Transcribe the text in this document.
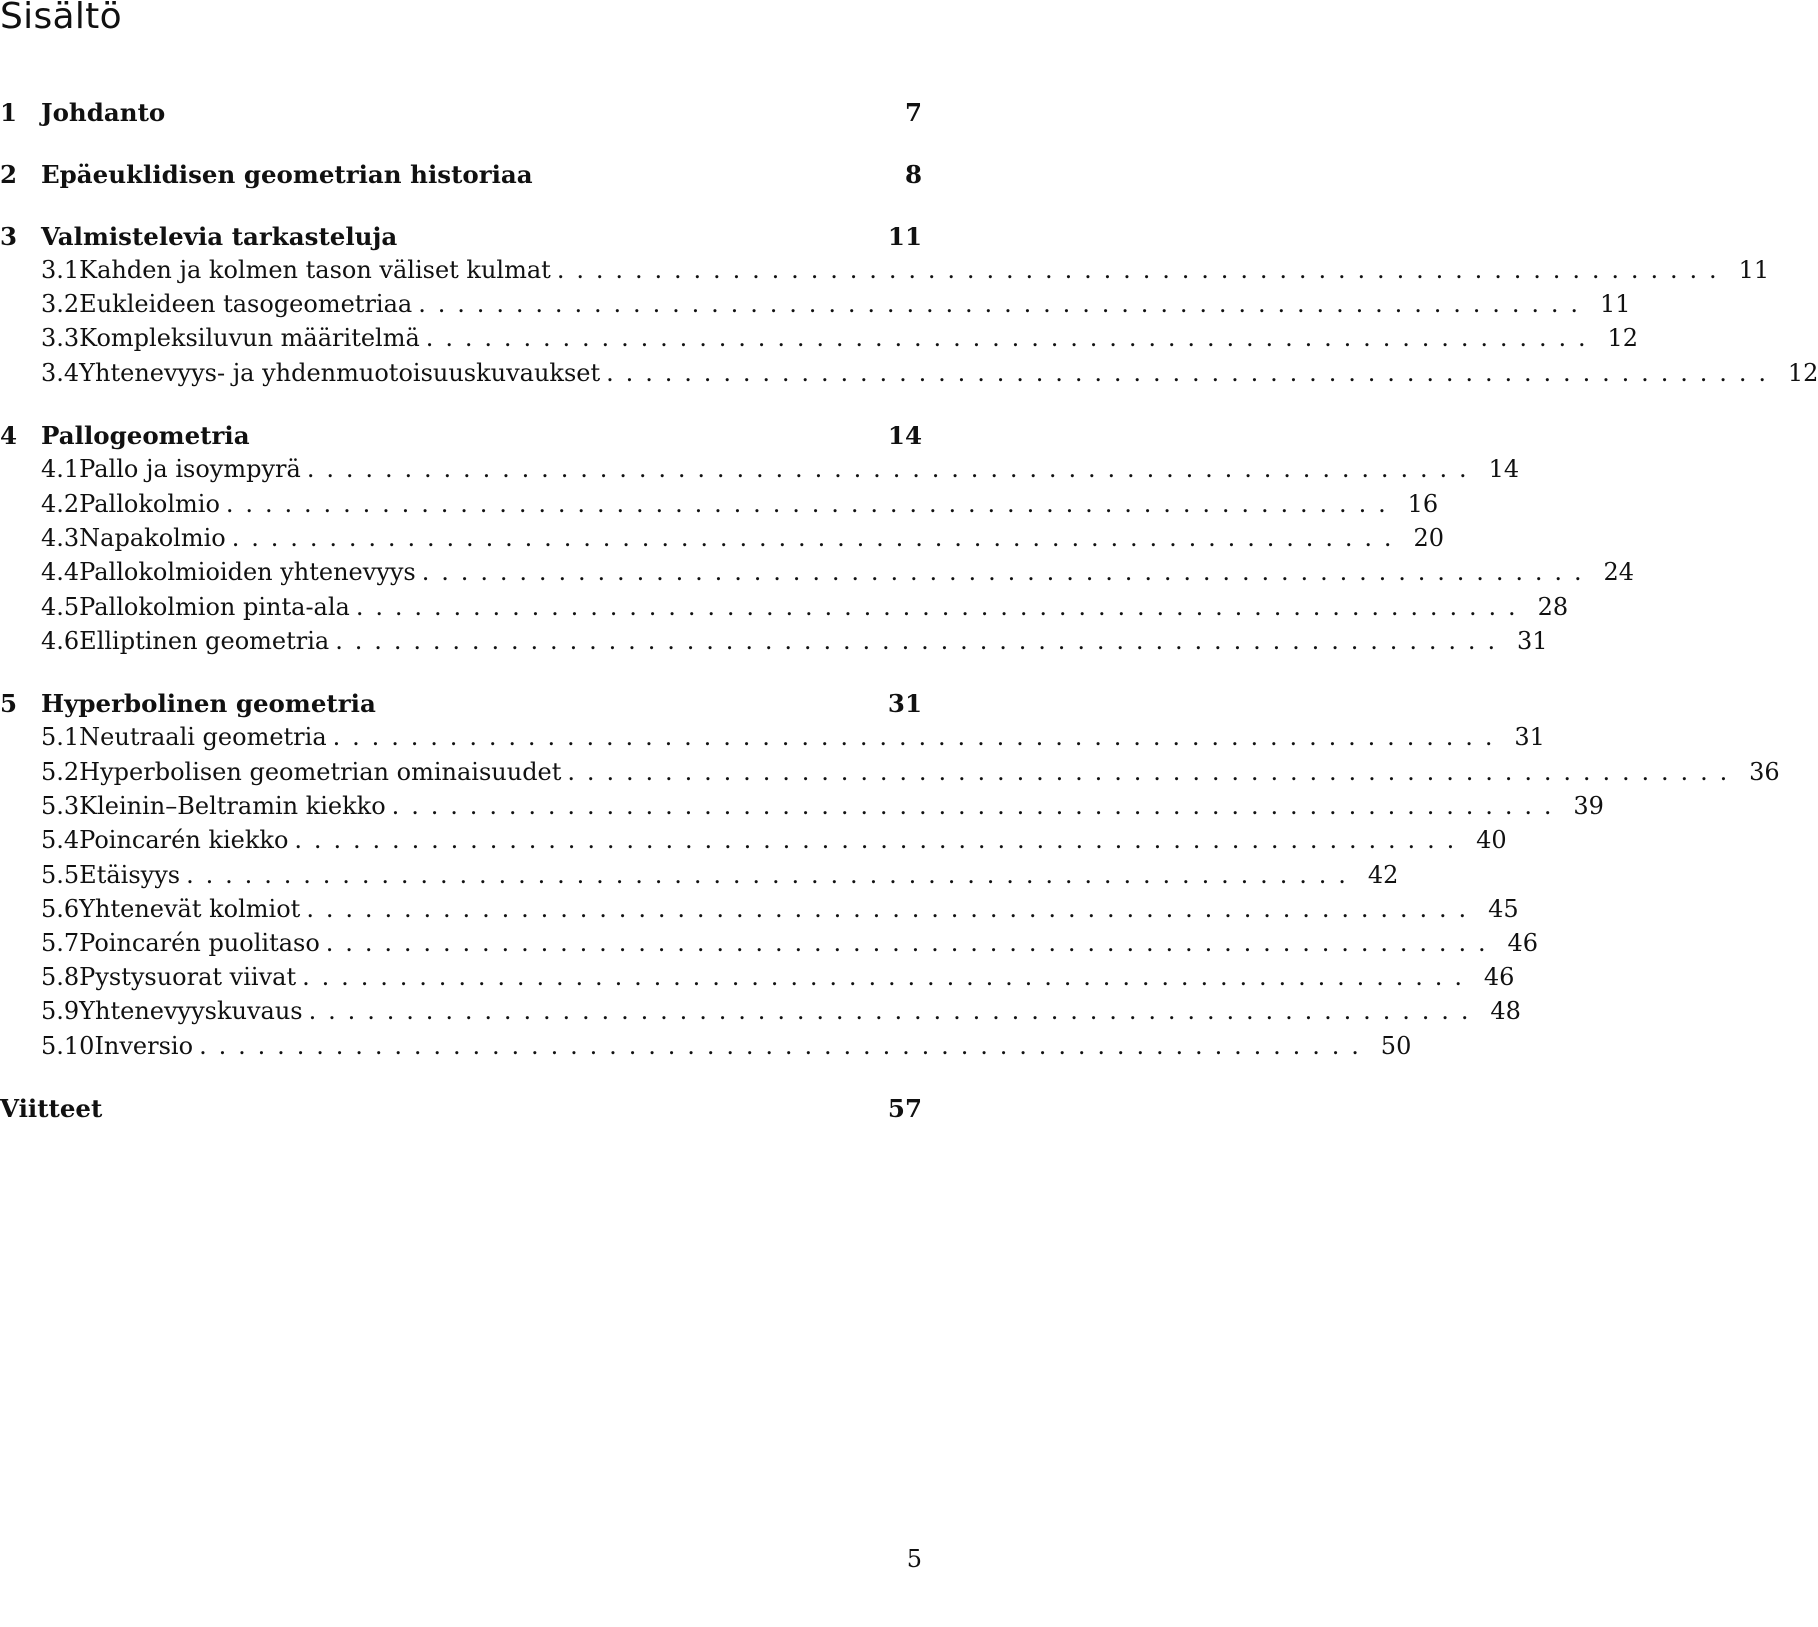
Sisältö
1 Johdanto	7
2 Epäeuklidisen geometrian historiaa	8
3 Valmistelevia tarkasteluja	11
3.1 Kahden ja kolmen tason väliset kulmat ............................................................ 11
3.2 Eukleideen tasogeometriaa ............................................................ 11
3.3 Kompleksiluvun määritelmä ............................................................ 12
3.4 Yhtenevyys- ja yhdenmuotoisuuskuvaukset ............................................................ 12
4 Pallogeometria	14
4.1 Pallo ja isoympyrä ............................................................ 14
4.2 Pallokolmio ............................................................ 16
4.3 Napakolmio ............................................................ 20
4.4 Pallokolmioiden yhtenevyys ............................................................ 24
4.5 Pallokolmion pinta-ala ............................................................ 28
4.6 Elliptinen geometria ............................................................ 31
5 Hyperbolinen geometria	31
5.1 Neutraali geometria ............................................................ 31
5.2 Hyperbolisen geometrian ominaisuudet ............................................................ 36
5.3 Kleinin–Beltramin kiekko ............................................................ 39
5.4 Poincarén kiekko ............................................................ 40
5.5 Etäisyys ............................................................ 42
5.6 Yhtenevät kolmiot ............................................................ 45
5.7 Poincarén puolitaso ............................................................ 46
5.8 Pystysuorat viivat ............................................................ 46
5.9 Yhtenevyyskuvaus ............................................................ 48
5.10 Inversio ............................................................ 50
Viitteet	57
5
